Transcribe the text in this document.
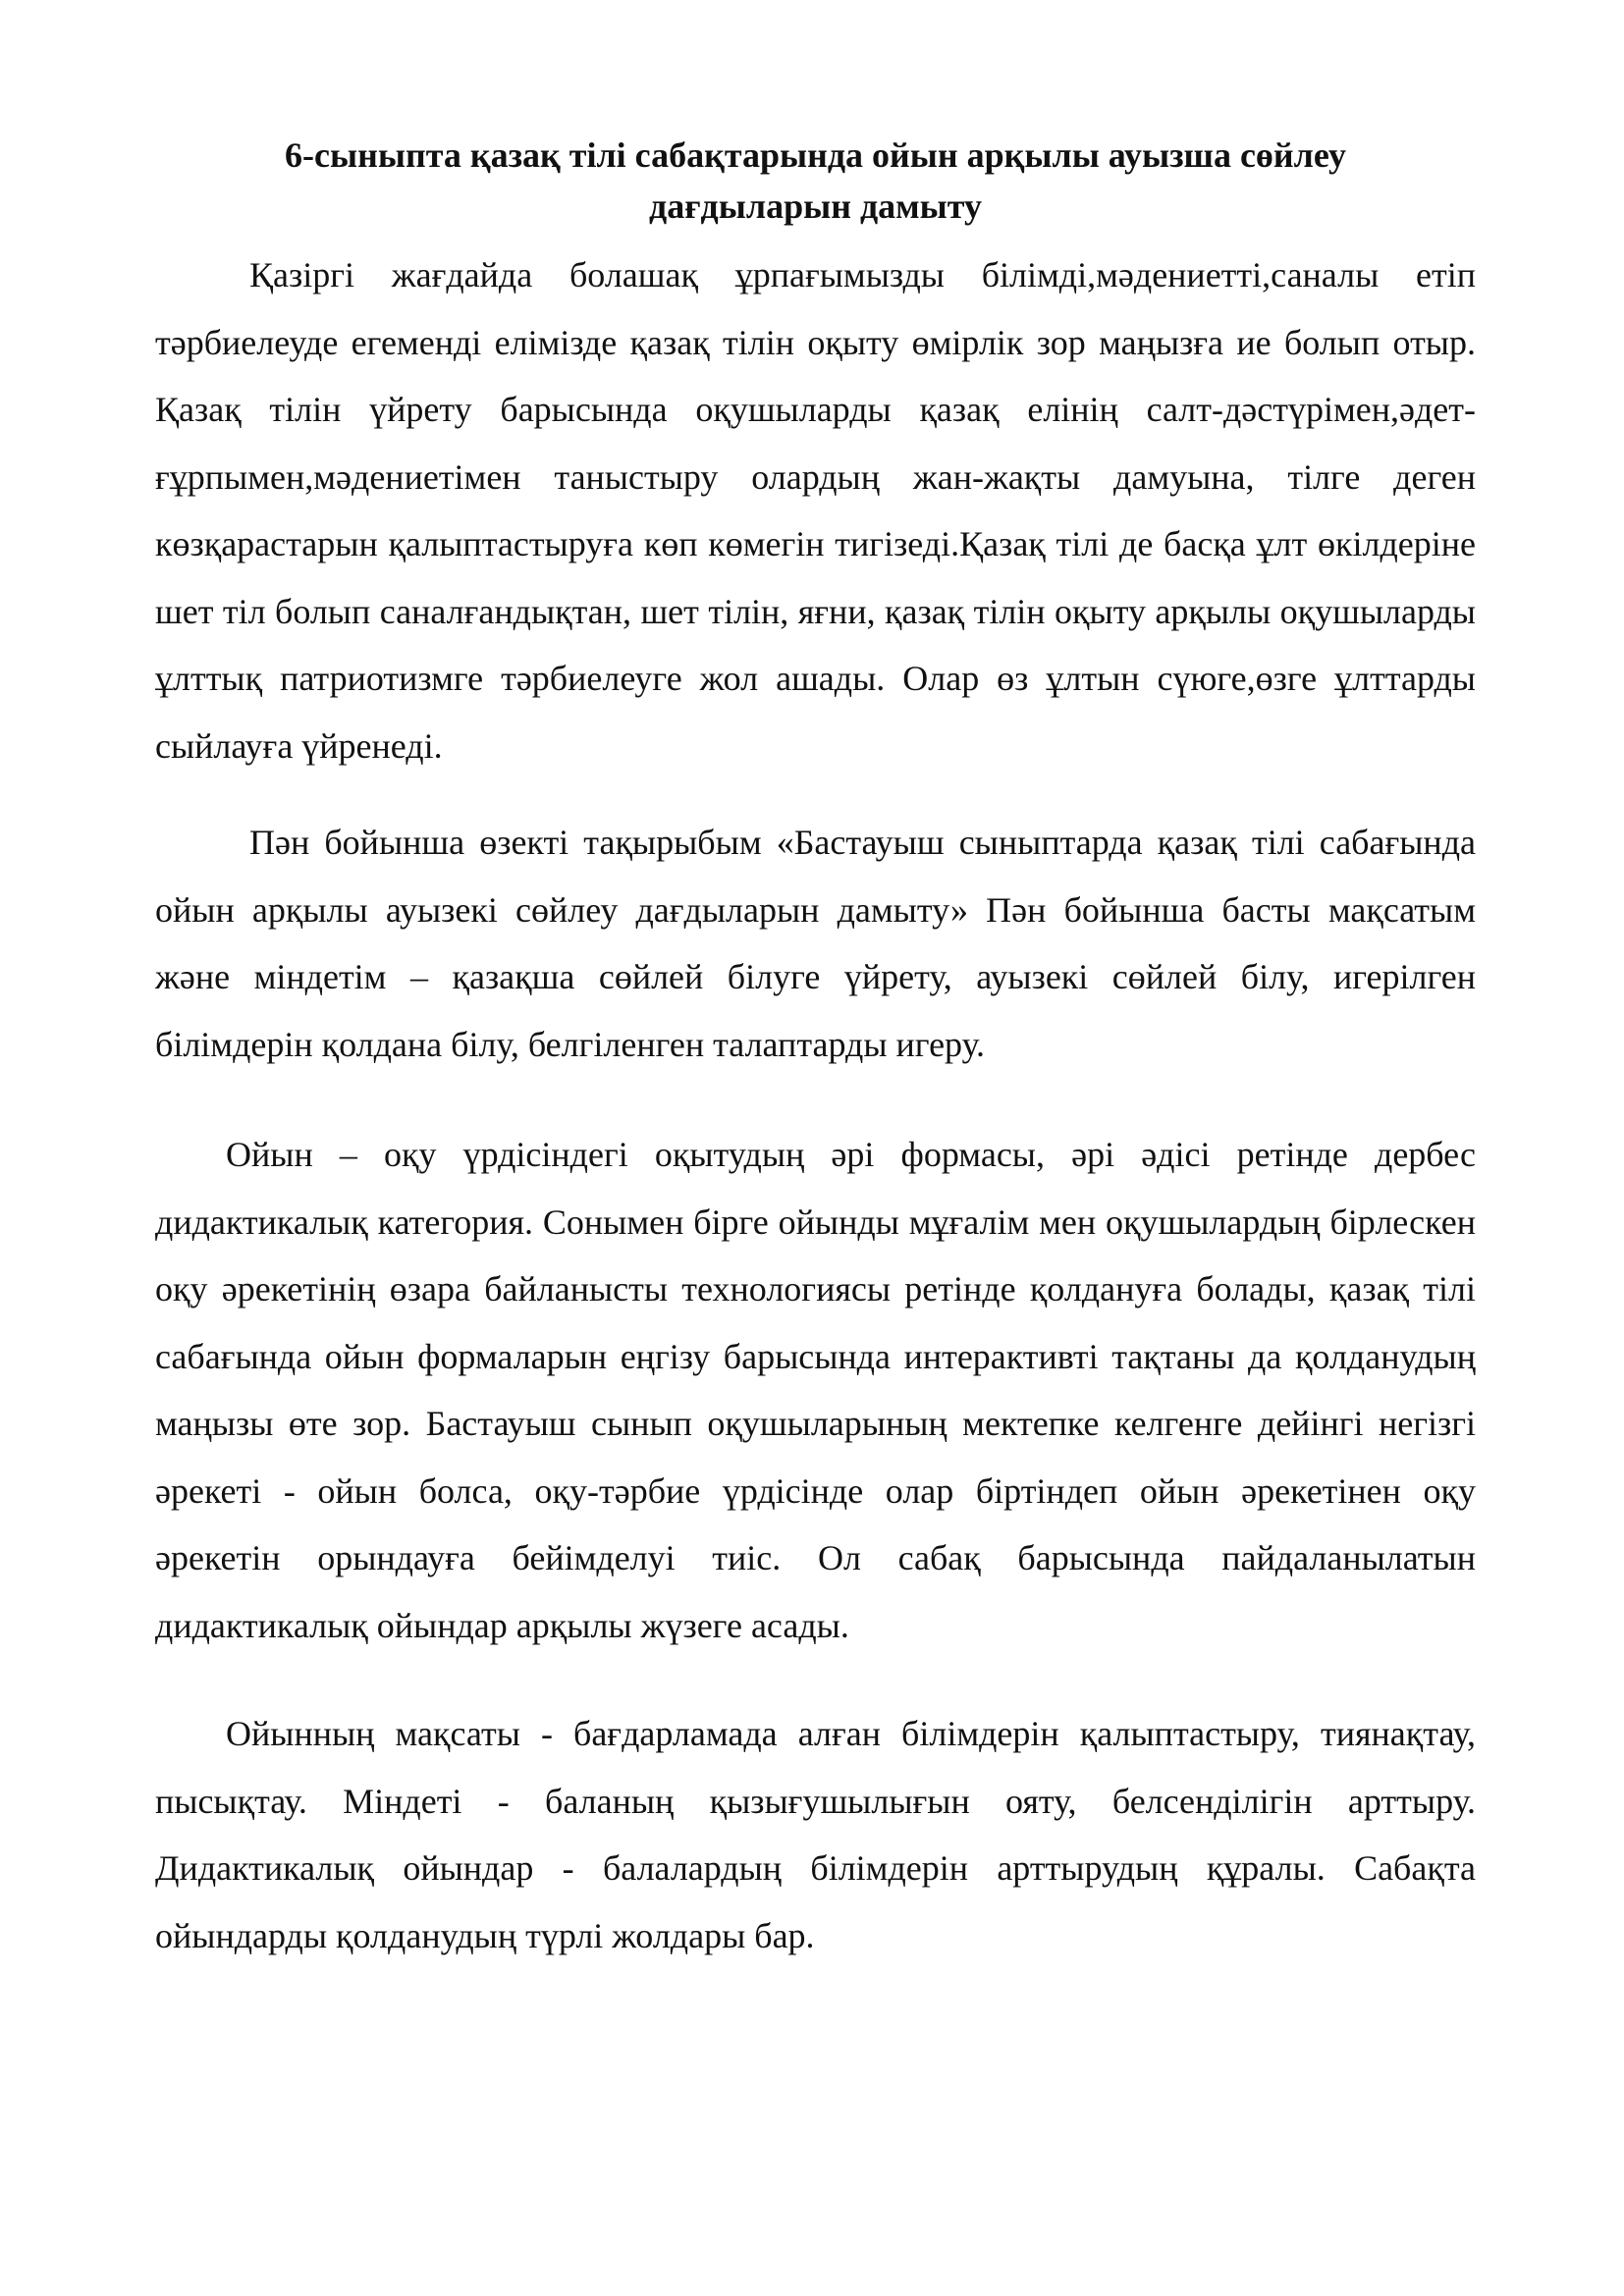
6-сыныпта қазақ тілі сабақтарында ойын арқылы ауызша сөйлеу
дағдыларын дамыту

Қазіргі жағдайда болашақ ұрпағымызды білімді,мәдениетті,саналы етіп тәрбиелеуде егеменді елімізде қазақ тілін оқыту өмірлік зор маңызға ие болып отыр. Қазақ тілін үйрету барысында оқушыларды қазақ елінің салт-дәстүрімен,әдет-ғұрпымен,мәдениетімен таныстыру олардың жан-жақты дамуына, тілге деген көзқарастарын қалыптастыруға көп көмегін тигізеді.Қазақ тілі де басқа ұлт өкілдеріне шет тіл болып саналғандықтан, шет тілін, яғни, қазақ тілін оқыту арқылы оқушыларды ұлттық патриотизмге тәрбиелеуге жол ашады. Олар өз ұлтын сүюге,өзге ұлттарды сыйлауға үйренеді.

Пән бойынша өзекті тақырыбым «Бастауыш сыныптарда қазақ тілі сабағында ойын арқылы ауызекі сөйлеу дағдыларын дамыту» Пән бойынша басты мақсатым және міндетім – қазақша сөйлей білуге үйрету, ауызекі сөйлей білу, игерілген білімдерін қолдана білу, белгіленген талаптарды игеру.

Ойын – оқу үрдісіндегі оқытудың әрі формасы, әрі әдісі ретінде дербес дидактикалық категория. Сонымен бірге ойынды мұғалім мен оқушылардың бірлескен оқу әрекетінің өзара байланысты технологиясы ретінде қолдануға болады, қазақ тілі сабағында ойын формаларын еңгізу барысында интерактивті тақтаны да қолданудың маңызы өте зор. Бастауыш сынып оқушыларының мектепке келгенге дейінгі негізгі әрекеті - ойын болса, оқу-тәрбие үрдісінде олар біртіндеп ойын әрекетінен оқу әрекетін орындауға бейімделуі тиіс. Ол сабақ барысында пайдаланылатын дидактикалық ойындар арқылы жүзеге асады.

Ойынның мақсаты - бағдарламада алған білімдерін қалыптастыру, тиянақтау, пысықтау. Міндеті - баланың қызығушылығын ояту, белсенділігін арттыру. Дидактикалық ойындар - балалардың білімдерін арттырудың құралы. Сабақта ойындарды қолданудың түрлі жолдары бар.
